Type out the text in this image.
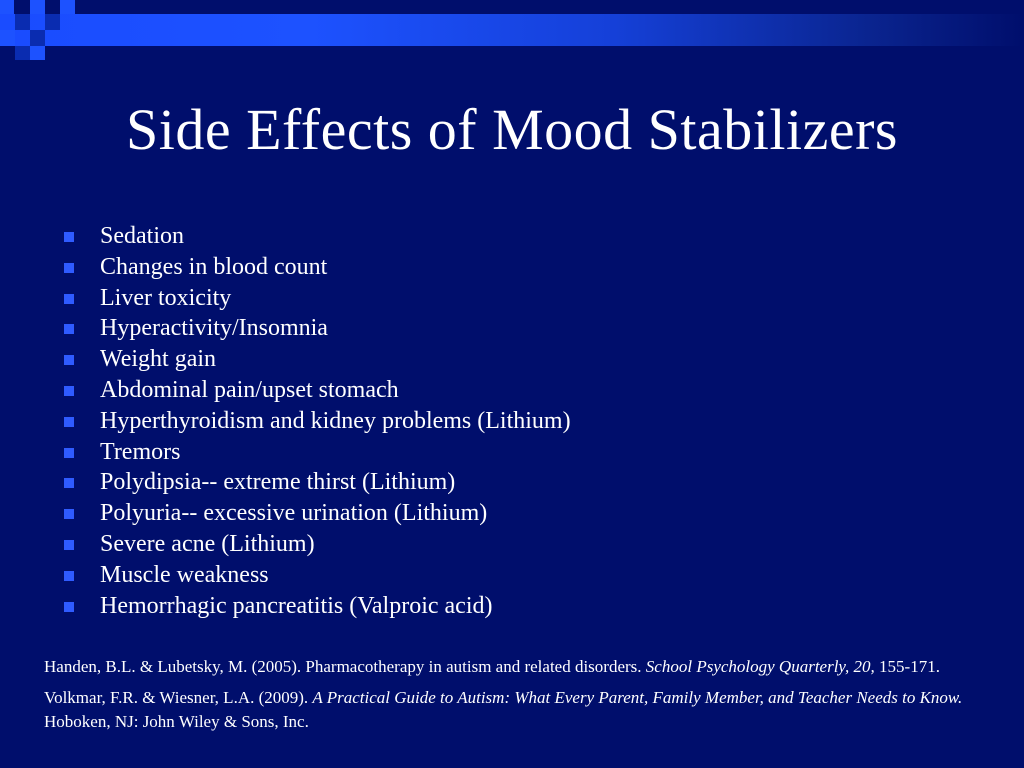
Side Effects of Mood Stabilizers
Sedation
Changes in blood count
Liver toxicity
Hyperactivity/Insomnia
Weight gain
Abdominal pain/upset stomach
Hyperthyroidism and kidney problems (Lithium)
Tremors
Polydipsia-- extreme thirst (Lithium)
Polyuria-- excessive urination (Lithium)
Severe acne (Lithium)
Muscle weakness
Hemorrhagic pancreatitis (Valproic acid)

Handen, B.L. & Lubetsky, M. (2005). Pharmacotherapy in autism and related disorders. School Psychology Quarterly, 20, 155-171.

Volkmar, F.R. & Wiesner, L.A. (2009). A Practical Guide to Autism: What Every Parent, Family Member, and Teacher Needs to Know. Hoboken, NJ: John Wiley & Sons, Inc.
